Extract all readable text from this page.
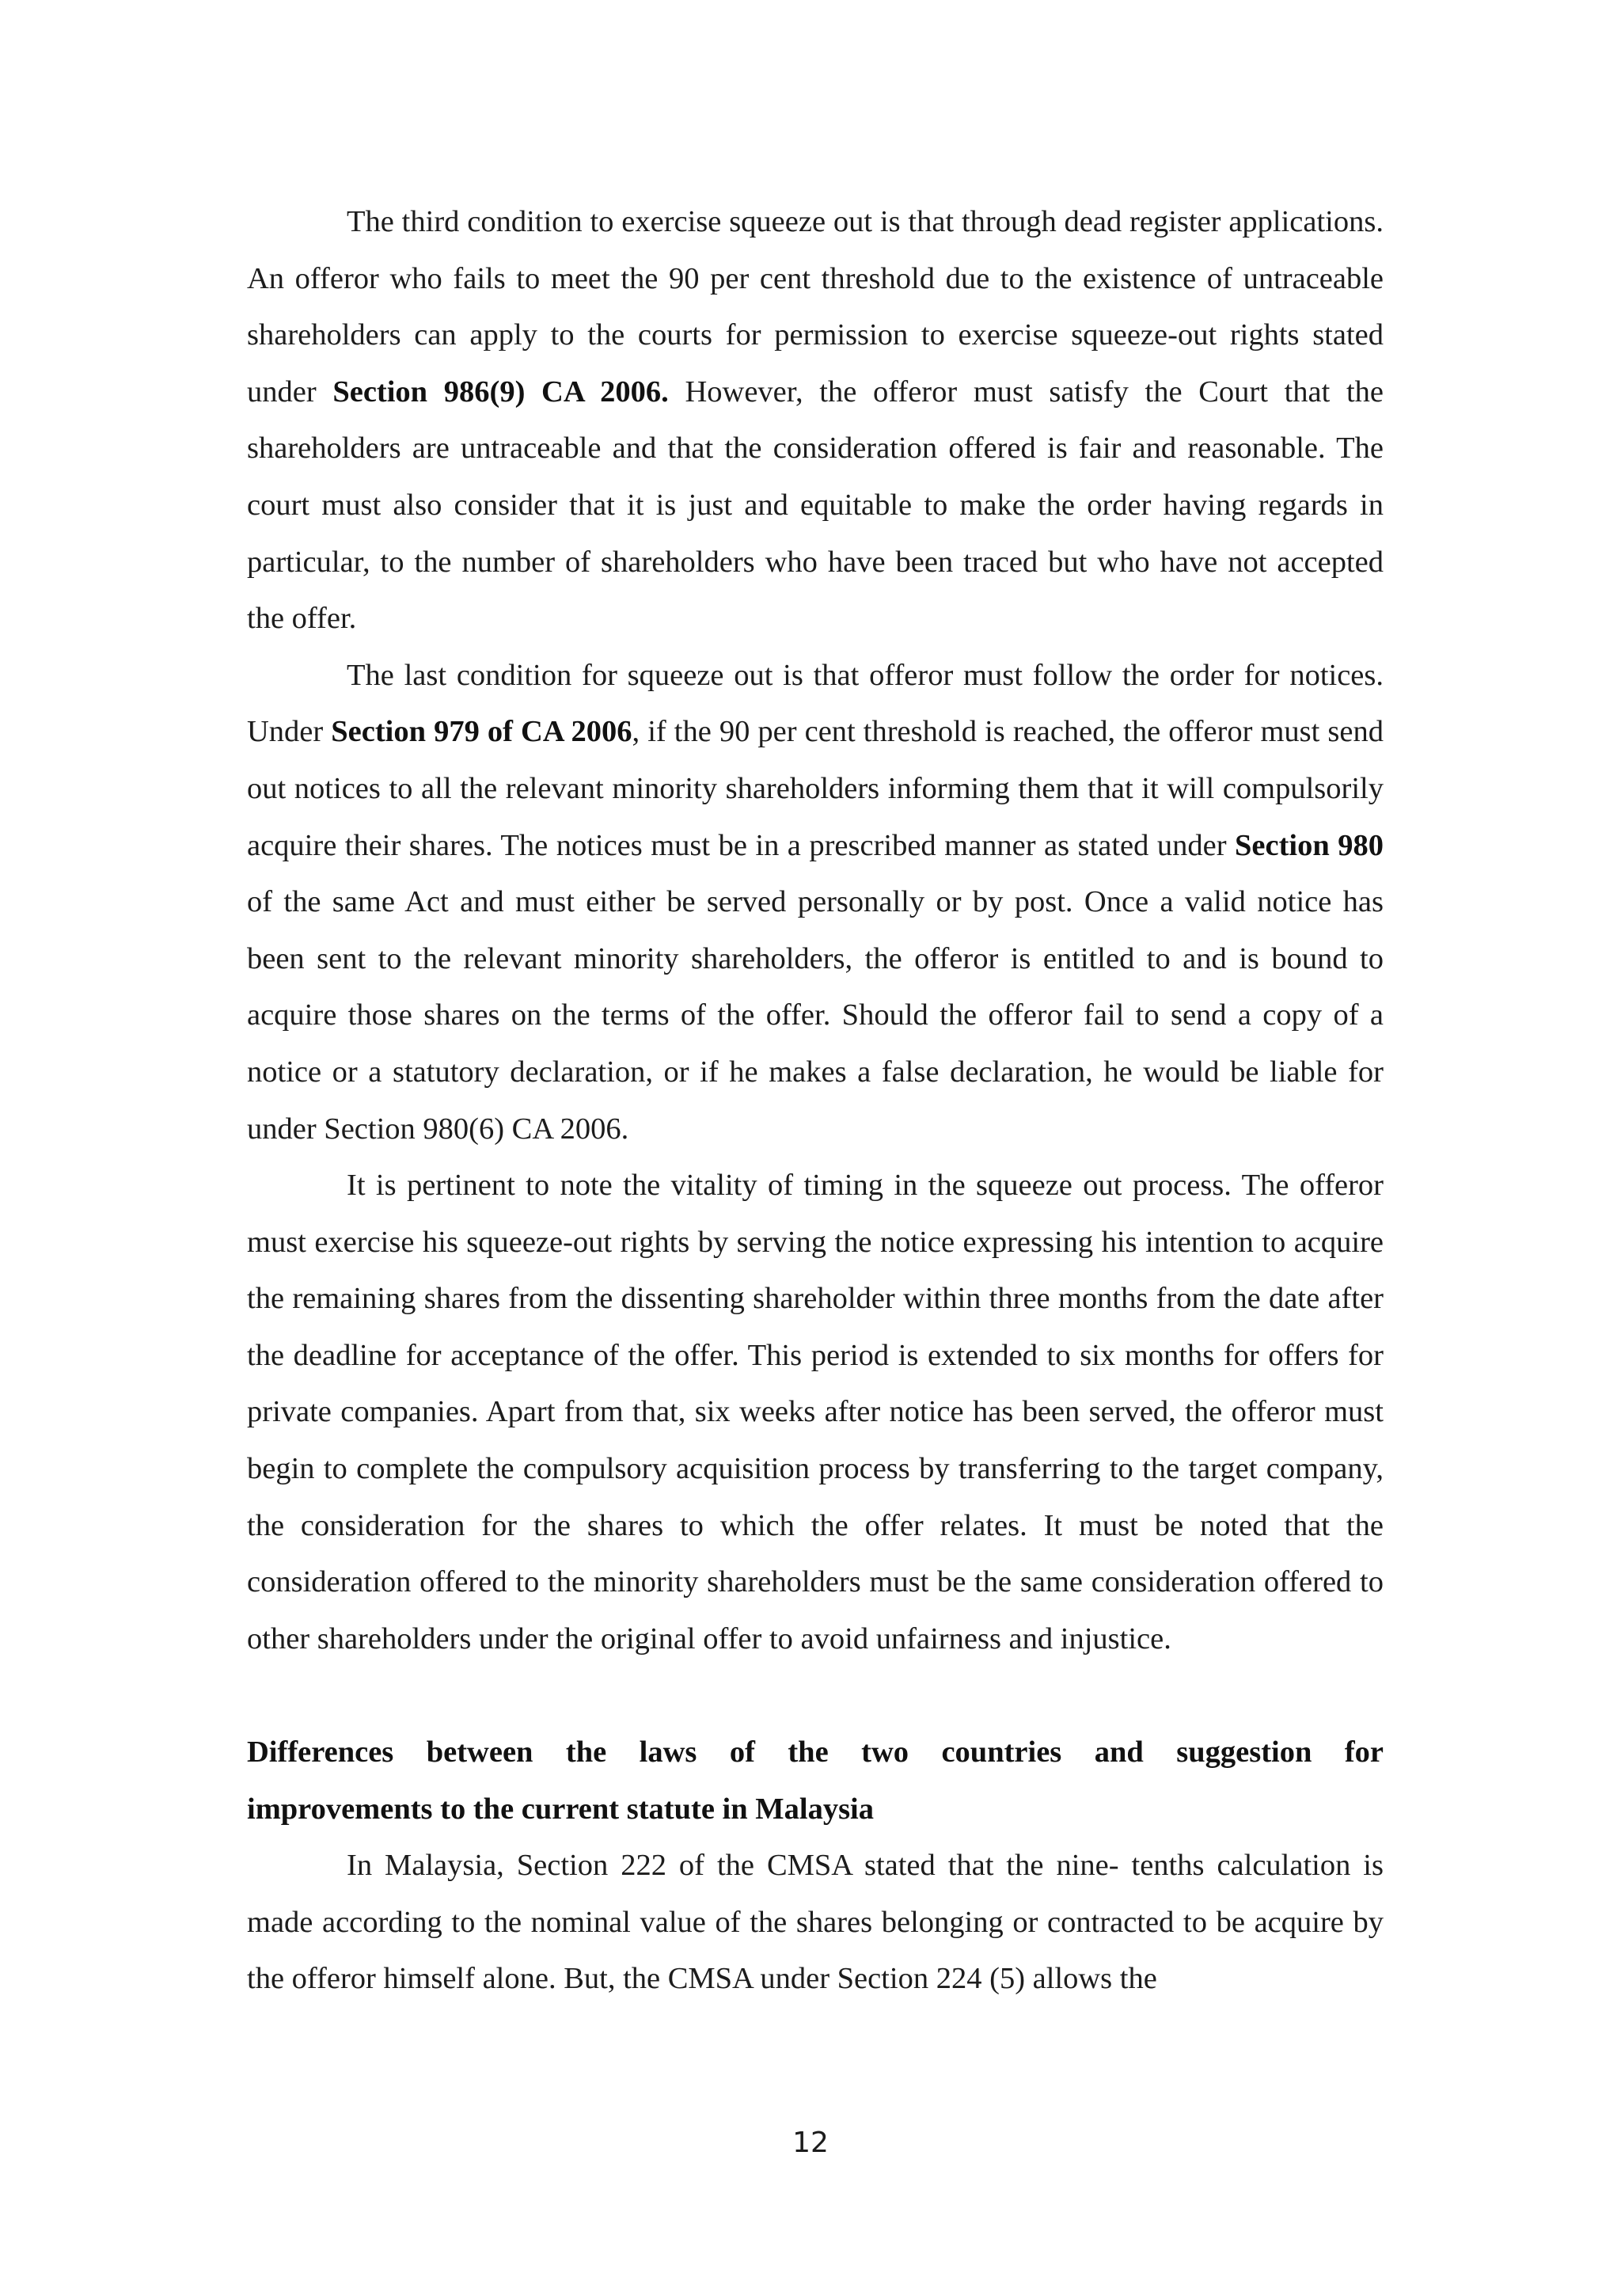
The third condition to exercise squeeze out is that through dead register applications. An offeror who fails to meet the 90 per cent threshold due to the existence of untraceable shareholders can apply to the courts for permission to exercise squeeze-out rights stated under Section 986(9) CA 2006. However, the offeror must satisfy the Court that the shareholders are untraceable and that the consideration offered is fair and reasonable. The court must also consider that it is just and equitable to make the order having regards in particular, to the number of shareholders who have been traced but who have not accepted the offer.

The last condition for squeeze out is that offeror must follow the order for notices. Under Section 979 of CA 2006, if the 90 per cent threshold is reached, the offeror must send out notices to all the relevant minority shareholders informing them that it will compulsorily acquire their shares. The notices must be in a prescribed manner as stated under Section 980 of the same Act and must either be served personally or by post. Once a valid notice has been sent to the relevant minority shareholders, the offeror is entitled to and is bound to acquire those shares on the terms of the offer. Should the offeror fail to send a copy of a notice or a statutory declaration, or if he makes a false declaration, he would be liable for under Section 980(6) CA 2006.

It is pertinent to note the vitality of timing in the squeeze out process. The offeror must exercise his squeeze-out rights by serving the notice expressing his intention to acquire the remaining shares from the dissenting shareholder within three months from the date after the deadline for acceptance of the offer. This period is extended to six months for offers for private companies. Apart from that, six weeks after notice has been served, the offeror must begin to complete the compulsory acquisition process by transferring to the target company, the consideration for the shares to which the offer relates. It must be noted that the consideration offered to the minority shareholders must be the same consideration offered to other shareholders under the original offer to avoid unfairness and injustice.

Differences between the laws of the two countries and suggestion for
improvements to the current statute in Malaysia

In Malaysia, Section 222 of the CMSA stated that the nine- tenths calculation is made according to the nominal value of the shares belonging or contracted to be acquire by the offeror himself alone. But, the CMSA under Section 224 (5) allows the

12
